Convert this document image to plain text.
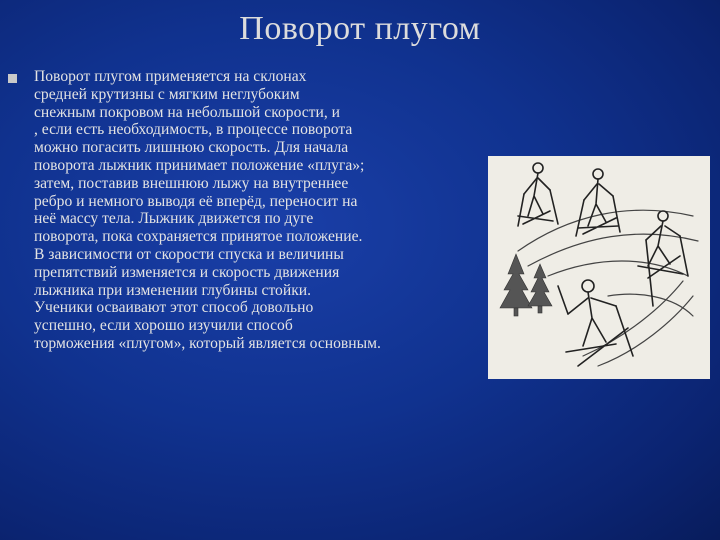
Поворот плугом
Поворот плугом применяется на склонах
средней крутизны с мягким неглубоким
снежным покровом на небольшой скорости, и
, если есть необходимость, в процессе поворота
можно погасить лишнюю скорость. Для начала
поворота лыжник принимает положение «плуга»;
затем, поставив внешнюю лыжу на внутреннее
ребро и немного выводя её вперёд, переносит на
неё массу тела. Лыжник движется по дуге
поворота, пока сохраняется принятое положение.
В зависимости от скорости спуска и величины
препятствий изменяется и скорость движения
лыжника при изменении глубины стойки.
Ученики осваивают этот способ довольно
успешно, если хорошо изучили способ
торможения «плугом», который является основным.
